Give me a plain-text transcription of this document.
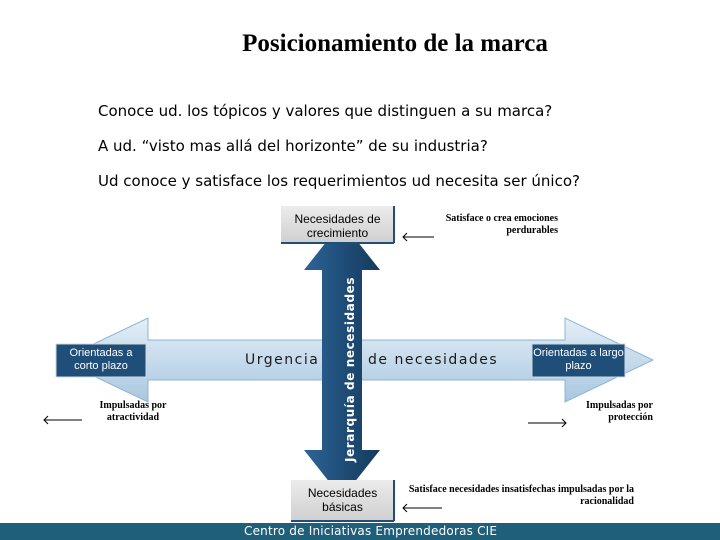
Posicionamiento de la marca
Conoce ud. los tópicos y valores que distinguen a su marca?
A ud. “visto mas allá del horizonte” de su industria?
Ud conoce y satisface los requerimientos ud necesita ser único?
Necesidades de crecimiento
Satisface o crea emociones perdurables
Jerarquía de necesidades
Orientadas a corto plazo
Impulsadas por atractividad
Urgencia	de necesidades	Orientadas a largo plazo
Impulsadas por protección
Necesidades básicas
Satisface necesidades insatisfechas impulsadas por la racionalidad
Centro de Iniciativas Emprendedoras CIE
